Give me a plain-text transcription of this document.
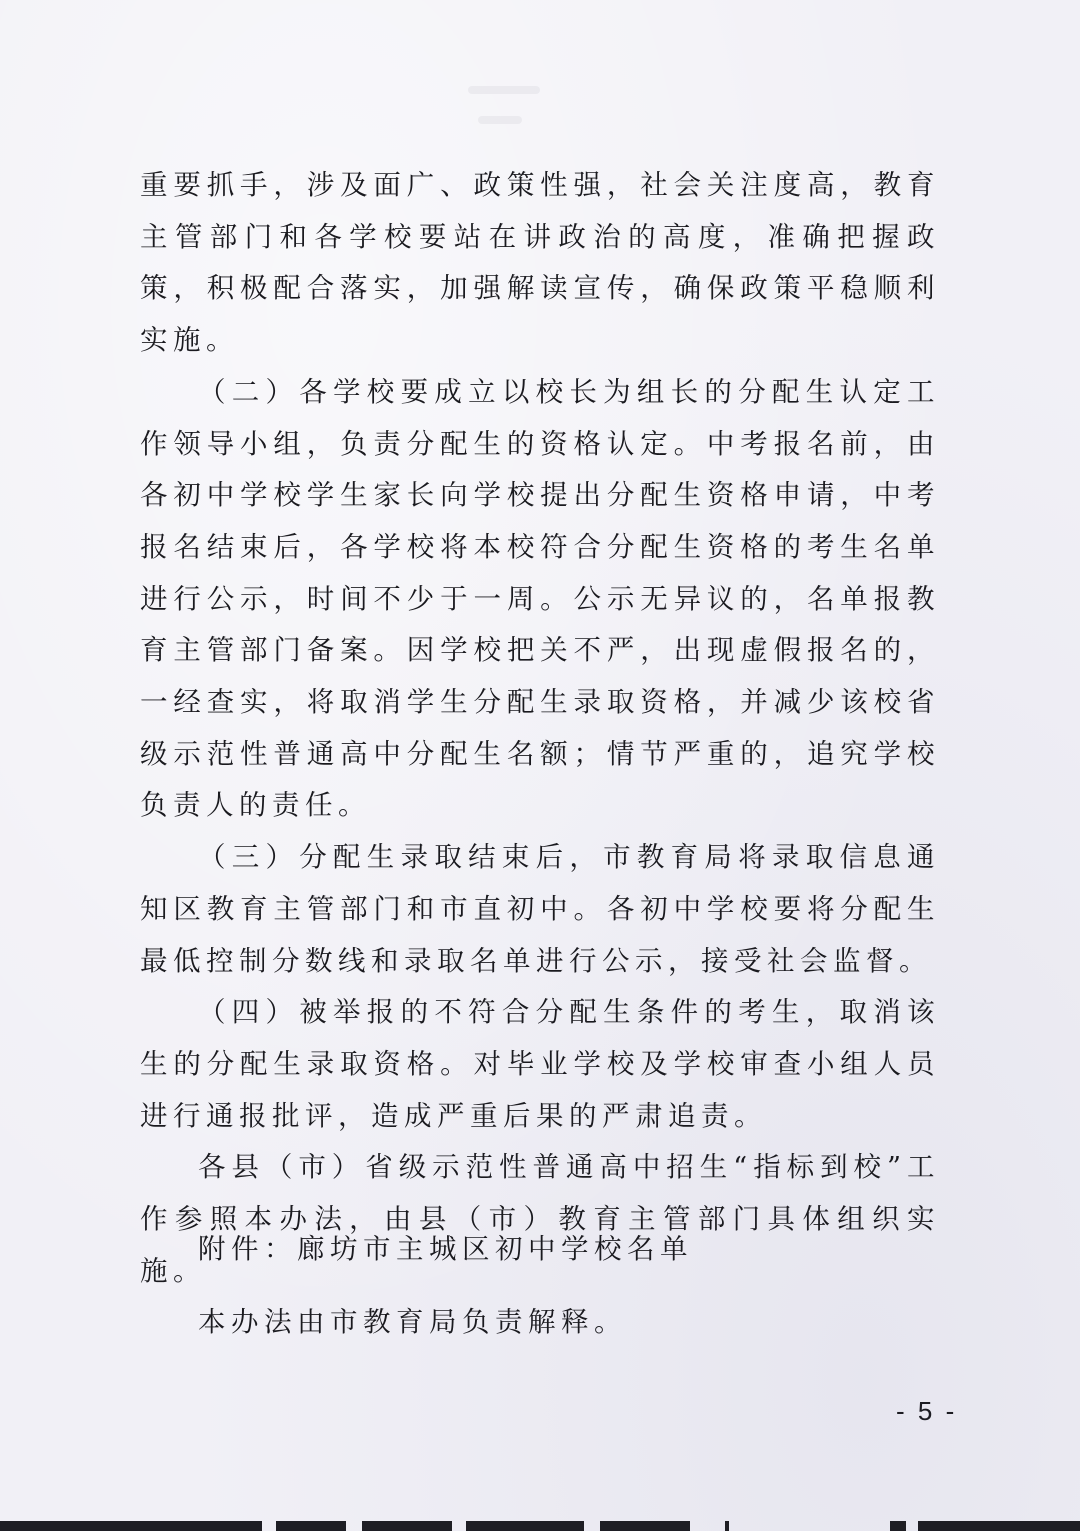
重要抓手，涉及面广、政策性强，社会关注度高，教育主管部门和各学校要站在讲政治的高度，准确把握政策，积极配合落实，加强解读宣传，确保政策平稳顺利实施。

（二）各学校要成立以校长为组长的分配生认定工作领导小组，负责分配生的资格认定。中考报名前，由各初中学校学生家长向学校提出分配生资格申请，中考报名结束后，各学校将本校符合分配生资格的考生名单进行公示，时间不少于一周。公示无异议的，名单报教育主管部门备案。因学校把关不严，出现虚假报名的，一经查实，将取消学生分配生录取资格，并减少该校省级示范性普通高中分配生名额；情节严重的，追究学校负责人的责任。

（三）分配生录取结束后，市教育局将录取信息通知区教育主管部门和市直初中。各初中学校要将分配生最低控制分数线和录取名单进行公示，接受社会监督。

（四）被举报的不符合分配生条件的考生，取消该生的分配生录取资格。对毕业学校及学校审查小组人员进行通报批评，造成严重后果的严肃追责。

各县（市）省级示范性普通高中招生“指标到校”工作参照本办法，由县（市）教育主管部门具体组织实施。

本办法由市教育局负责解释。

附件：廊坊市主城区初中学校名单

- 5 -
